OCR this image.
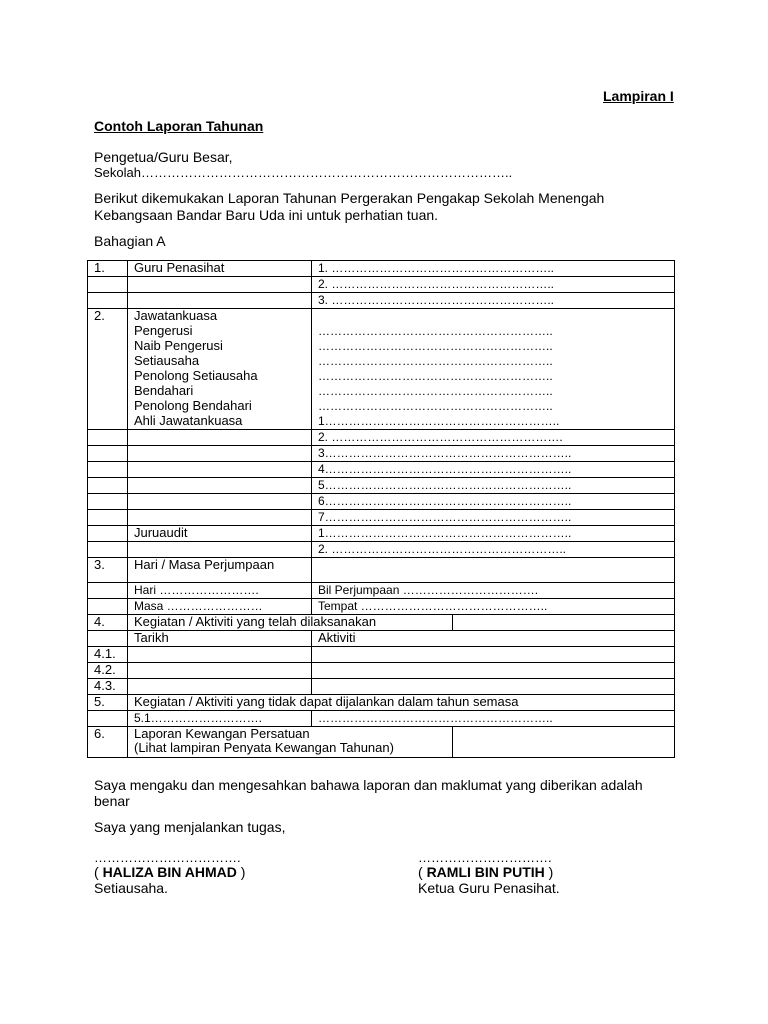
Lampiran I
Contoh Laporan Tahunan
Pengetua/Guru Besar,
Sekolah…………………………………………………………………………..
Berikut dikemukakan Laporan Tahunan Pergerakan Pengakap Sekolah Menengah
Kebangsaan Bandar Baru Uda ini untuk perhatian tuan.
Bahagian A
1.	Guru Penasihat	1. ………………………………………………..	
		2. ………………………………………………..	
		3. ………………………………………………..	
2.	Jawatankuasa		
	Pengerusi	…………………………………………………..	
	Naib Pengerusi	…………………………………………………..	
	Setiausaha	…………………………………………………..	
	Penolong Setiausaha	…………………………………………………..	
	Bendahari	…………………………………………………..	
	Penolong Bendahari	…………………………………………………..	
	Ahli Jawatankuasa	1…………………………………………………..	
		2. ………………………………………………….	
		3……………………………………………………..	
		4……………………………………………………..	
		5……………………………………………………..	
		6……………………………………………………..	
		7……………………………………………………..	
	Juruaudit	1……………………………………………………..	
		2. …………………………………………………..	
3.	Hari / Masa Perjumpaan		
	Hari …………………….	Bil Perjumpaan …………………………….	
	Masa ……………………	Tempat ………………………………………..	
4.	Kegiatan / Aktiviti yang telah dilaksanakan		
	Tarikh	Aktiviti	
4.1.			
4.2.			
4.3.			
5.	Kegiatan / Aktiviti yang tidak dapat dijalankan dalam tahun semasa		
	5.1……………………….	…………………………………………………..	
6.	Laporan Kewangan Persatuan
(Lihat lampiran Penyata Kewangan Tahunan)		

Saya mengaku dan mengesahkan bahawa laporan dan maklumat yang diberikan adalah
benar
Saya yang menjalankan tugas,
…………………………….
( HALIZA BIN AHMAD )
Setiausaha.
………………………….
( RAMLI BIN PUTIH )
Ketua Guru Penasihat.
